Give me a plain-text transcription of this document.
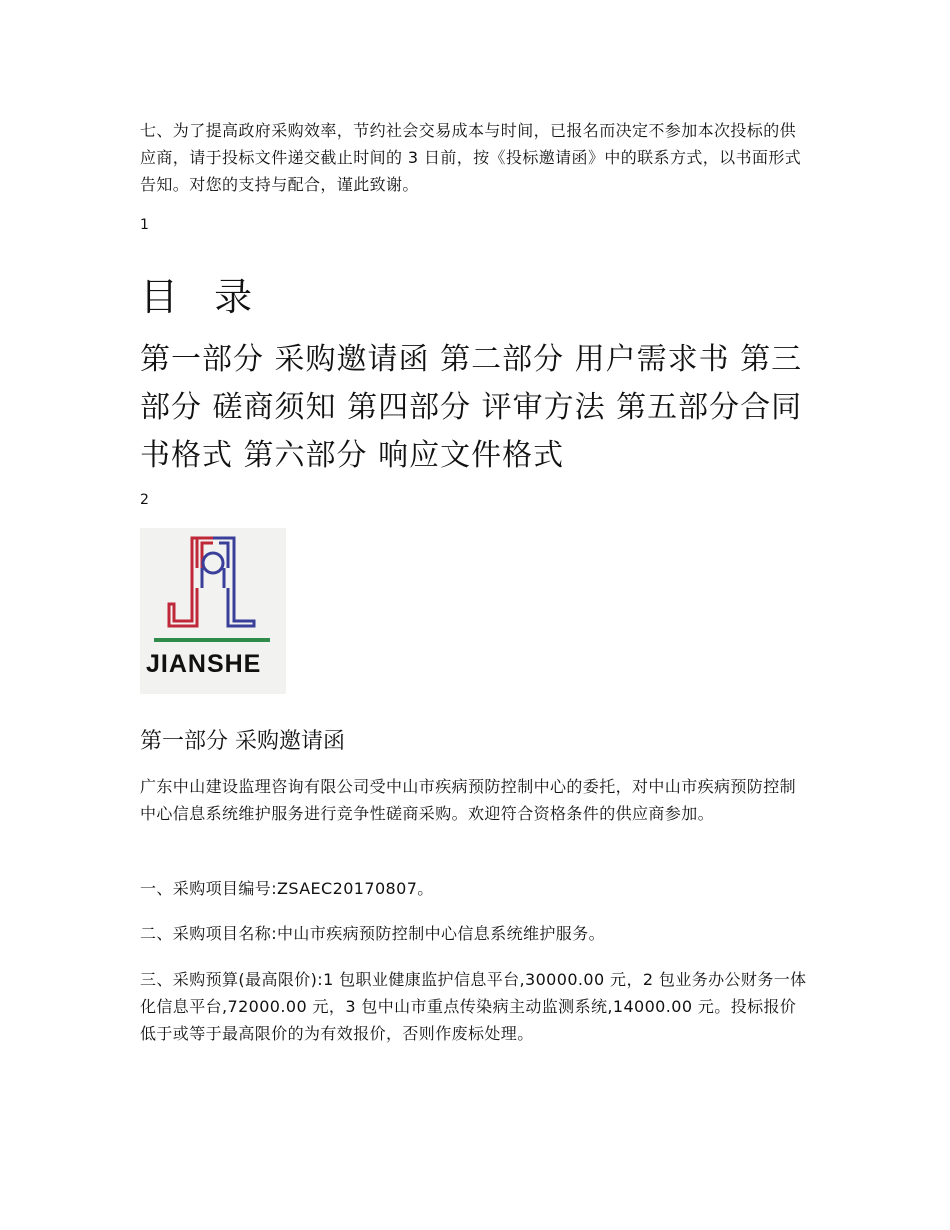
七、为了提高政府采购效率，节约社会交易成本与时间，已报名而决定不参加本次投标的供应商，请于投标文件递交截止时间的 3 日前，按《投标邀请函》中的联系方式，以书面形式告知。对您的支持与配合，谨此致谢。

1
目 录

第一部分 采购邀请函 第二部分 用户需求书 第三部分 磋商须知 第四部分 评审方法 第五部分合同书格式 第六部分 响应文件格式

2
JIANSHE
第一部分 采购邀请函

广东中山建设监理咨询有限公司受中山市疾病预防控制中心的委托，对中山市疾病预防控制中心信息系统维护服务进行竞争性磋商采购。欢迎符合资格条件的供应商参加。

一、采购项目编号:ZSAEC20170807。

二、采购项目名称:中山市疾病预防控制中心信息系统维护服务。

三、采购预算(最高限价):1 包职业健康监护信息平台,30000.00 元，2 包业务办公财务一体化信息平台,72000.00 元，3 包中山市重点传染病主动监测系统,14000.00 元。投标报价低于或等于最高限价的为有效报价，否则作废标处理。
